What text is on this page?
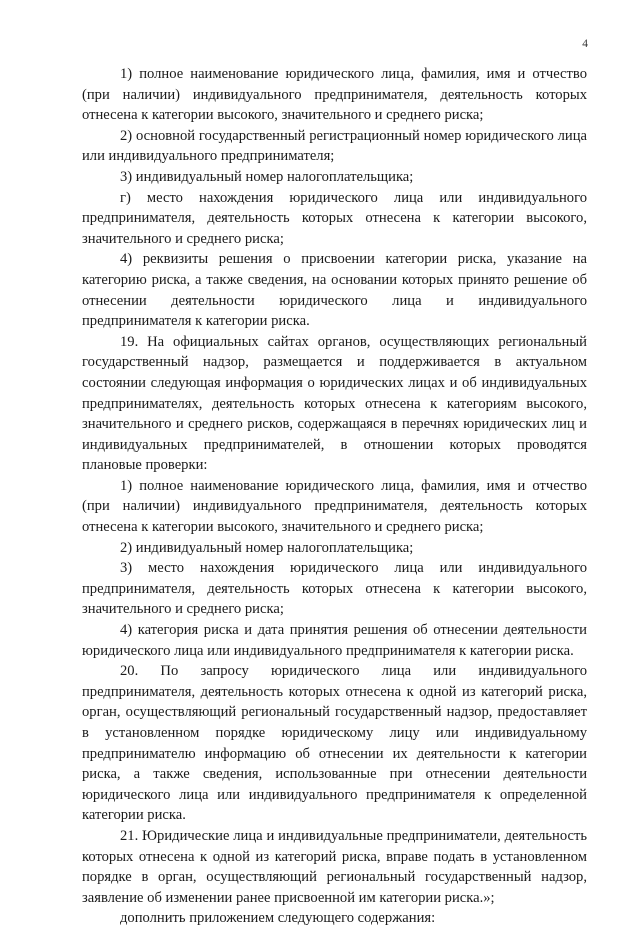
4

1) полное наименование юридического лица, фамилия, имя и отчество (при наличии) индивидуального предпринимателя, деятельность которых отнесена к категории высокого, значительного и среднего риска;

2) основной государственный регистрационный номер юридического лица или индивидуального предпринимателя;

3) индивидуальный номер налогоплательщика;

г) место нахождения юридического лица или индивидуального предпринимателя, деятельность которых отнесена к категории высокого, значительного и среднего риска;

4) реквизиты решения о присвоении категории риска, указание на категорию риска, а также сведения, на основании которых принято решение об отнесении деятельности юридического лица и индивидуального предпринимателя к категории риска.

19. На официальных сайтах органов, осуществляющих региональный государственный надзор, размещается и поддерживается в актуальном состоянии следующая информация о юридических лицах и об индивидуальных предпринимателях, деятельность которых отнесена к категориям высокого, значительного и среднего рисков, содержащаяся в перечнях юридических лиц и индивидуальных предпринимателей, в отношении которых проводятся плановые проверки:

1) полное наименование юридического лица, фамилия, имя и отчество (при наличии) индивидуального предпринимателя, деятельность которых отнесена к категории высокого, значительного и среднего риска;

2) индивидуальный номер налогоплательщика;

3) место нахождения юридического лица или индивидуального предпринимателя, деятельность которых отнесена к категории высокого, значительного и среднего риска;

4) категория риска и дата принятия решения об отнесении деятельности юридического лица или индивидуального предпринимателя к категории риска.

20. По запросу юридического лица или индивидуального предпринимателя, деятельность которых отнесена к одной из категорий риска, орган, осуществляющий региональный государственный надзор, предоставляет в установленном порядке юридическому лицу или индивидуальному предпринимателю информацию об отнесении их деятельности к категории риска, а также сведения, использованные при отнесении деятельности юридического лица или индивидуального предпринимателя к определенной категории риска.

21. Юридические лица и индивидуальные предприниматели, деятельность которых отнесена к одной из категорий риска, вправе подать в установленном порядке в орган, осуществляющий региональный государственный надзор, заявление об изменении ранее присвоенной им категории риска.»;

дополнить приложением следующего содержания:
